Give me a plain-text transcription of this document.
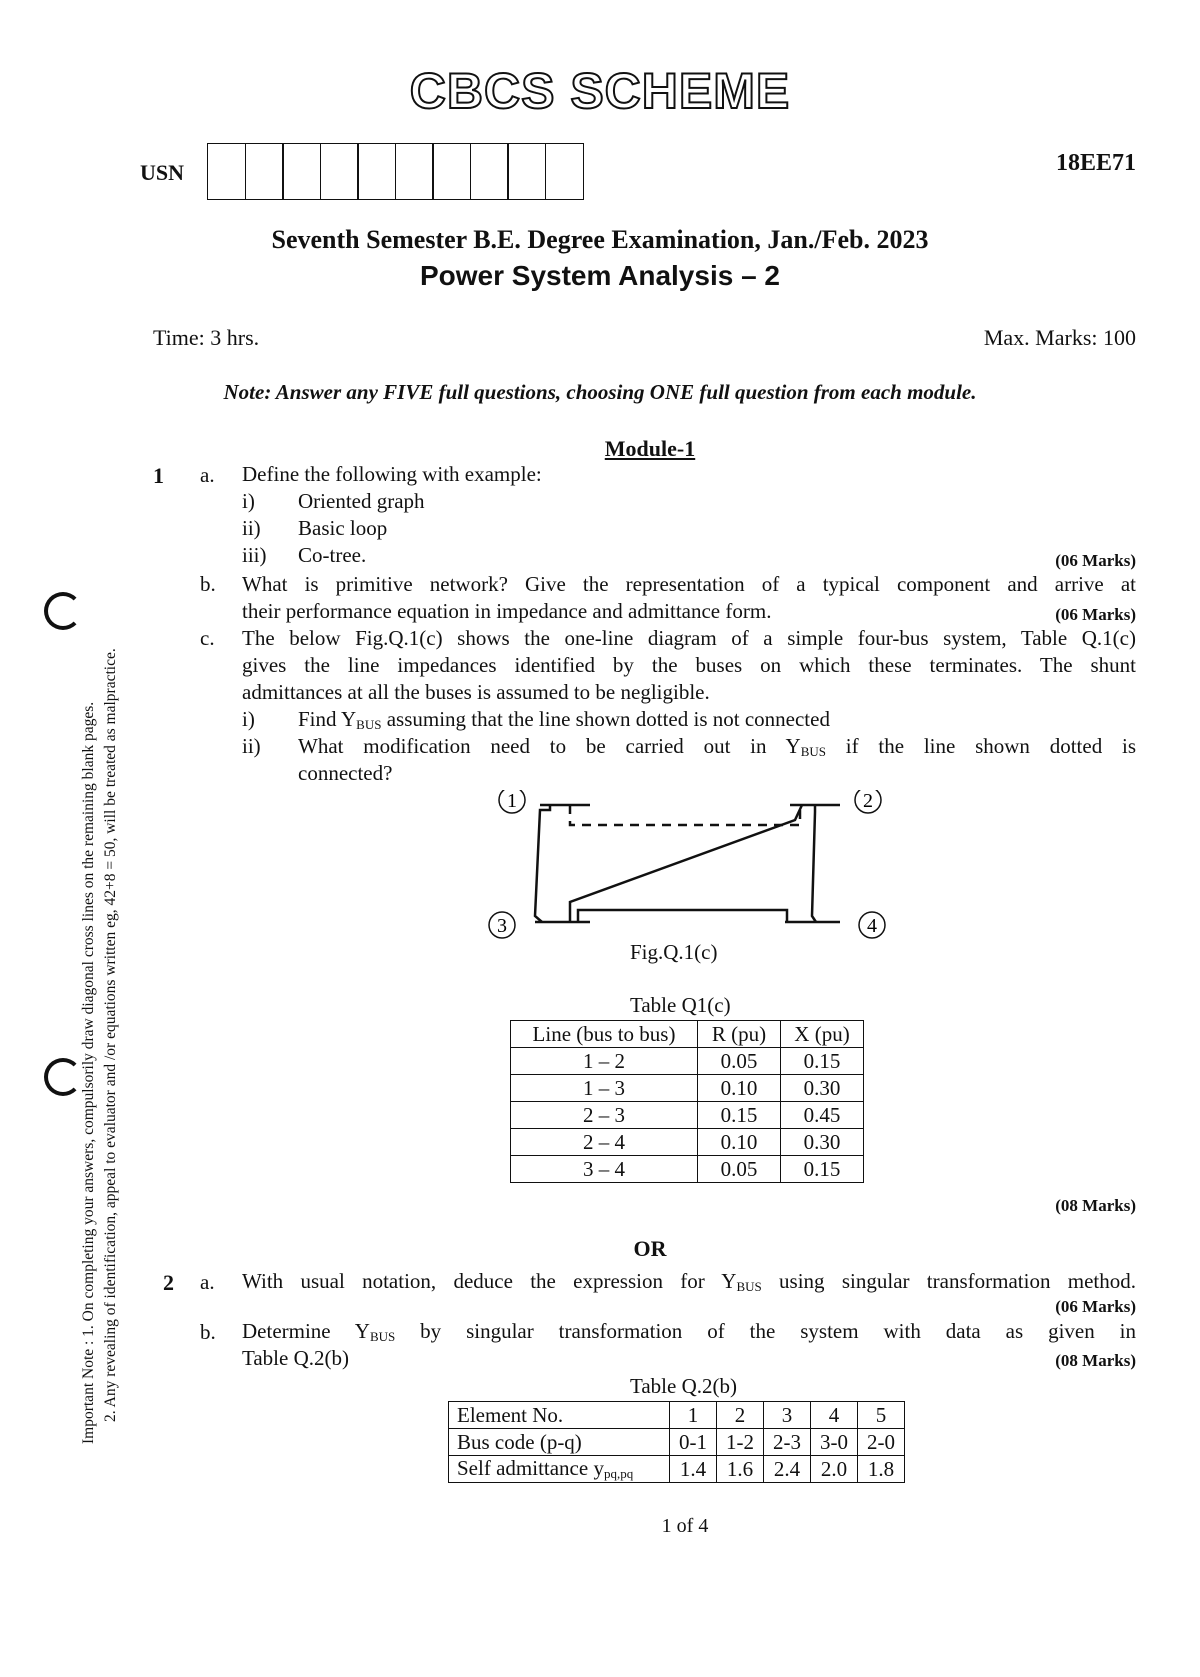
CBCS SCHEME
USN	18EE71
Seventh Semester B.E. Degree Examination, Jan./Feb. 2023
Power System Analysis – 2
Time: 3 hrs.	Max. Marks: 100
Note: Answer any FIVE full questions, choosing ONE full question from each module.
Important Note : 1. On completing your answers, compulsorily draw diagonal cross lines on the remaining blank pages. 2. Any revealing of identification, appeal to evaluator and /or equations written eg, 42+8 = 50, will be treated as malpractice.
Module-1
1 a. Define the following with example:
i) Oriented graph
ii) Basic loop
iii) Co-tree.	(06 Marks)
b. What is primitive network? Give the representation of a typical component and arrive at
their performance equation in impedance and admittance form.	(06 Marks)
c. The below Fig.Q.1(c) shows the one-line diagram of a simple four-bus system, Table Q.1(c)
gives the line impedances identified by the buses on which these terminates. The shunt
admittances at all the buses is assumed to be negligible.
i) Find $Y_{BUS}$ assuming that the line shown dotted is not connected
ii) What modification need to be carried out in $Y_{BUS}$ if the line shown dotted is
connected?
1	2
3	4
Fig.Q.1(c)
Table Q1(c)
Line (bus to bus)	R (pu)	X (pu)
1 – 2	0.05	0.15
1 – 3	0.10	0.30
2 – 3	0.15	0.45
2 – 4	0.10	0.30
3 – 4	0.05	0.15
(08 Marks)
OR
2 a. With usual notation, deduce the expression for $Y_{BUS}$ using singular transformation method.
(06 Marks)
b. Determine $Y_{BUS}$ by singular transformation of the system with data as given in
Table Q.2(b)	(08 Marks)
Table Q.2(b)
Element No.	1	2	3	4	5
Bus code (p-q)	0-1	1-2	2-3	3-0	2-0
Self admittance $y_{pq,pq}$	1.4	1.6	2.4	2.0	1.8
1 of 4
